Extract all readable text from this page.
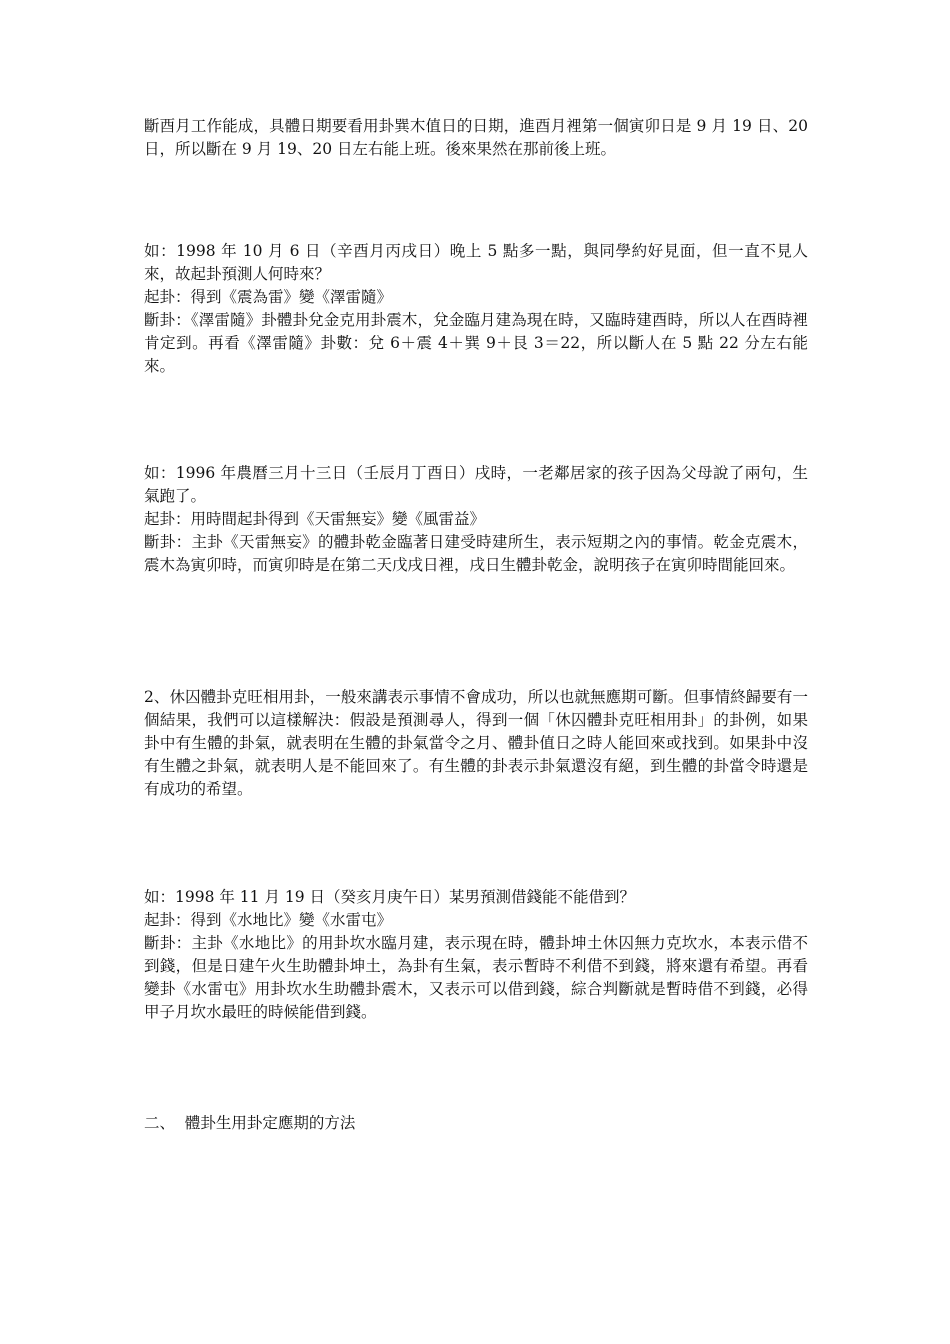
斷酉月工作能成，具體日期要看用卦巽木值日的日期，進酉月裡第一個寅卯日是 9 月 19 日、20 日，所以斷在 9 月 19、20 日左右能上班。後來果然在那前後上班。
如：1998 年 10 月 6 日（辛酉月丙戌日）晚上 5 點多一點，與同學約好見面，但一直不見人來，故起卦預測人何時來？
起卦：得到《震為雷》變《澤雷隨》
斷卦：《澤雷隨》卦體卦兌金克用卦震木，兌金臨月建為現在時，又臨時建酉時，所以人在酉時裡肯定到。再看《澤雷隨》卦數：兌 6＋震 4＋巽 9＋艮 3＝22，所以斷人在 5 點 22 分左右能來。
如：1996 年農曆三月十三日（壬辰月丁酉日）戌時，一老鄰居家的孩子因為父母說了兩句，生氣跑了。
起卦：用時間起卦得到《天雷無妄》變《風雷益》
斷卦：主卦《天雷無妄》的體卦乾金臨著日建受時建所生，表示短期之內的事情。乾金克震木，震木為寅卯時，而寅卯時是在第二天戊戌日裡，戌日生體卦乾金，說明孩子在寅卯時間能回來。
2、休囚體卦克旺相用卦，一般來講表示事情不會成功，所以也就無應期可斷。但事情終歸要有一個結果，我們可以這樣解決：假設是預測尋人，得到一個「休囚體卦克旺相用卦」的卦例，如果卦中有生體的卦氣，就表明在生體的卦氣當令之月、體卦值日之時人能回來或找到。如果卦中沒有生體之卦氣，就表明人是不能回來了。有生體的卦表示卦氣還沒有絕，到生體的卦當令時還是有成功的希望。
如：1998 年 11 月 19 日（癸亥月庚午日）某男預測借錢能不能借到？
起卦：得到《水地比》變《水雷屯》
斷卦：主卦《水地比》的用卦坎水臨月建，表示現在時，體卦坤土休囚無力克坎水，本表示借不到錢，但是日建午火生助體卦坤土，為卦有生氣，表示暫時不利借不到錢，將來還有希望。再看變卦《水雷屯》用卦坎水生助體卦震木，又表示可以借到錢，綜合判斷就是暫時借不到錢，必得甲子月坎水最旺的時候能借到錢。
二、  體卦生用卦定應期的方法
